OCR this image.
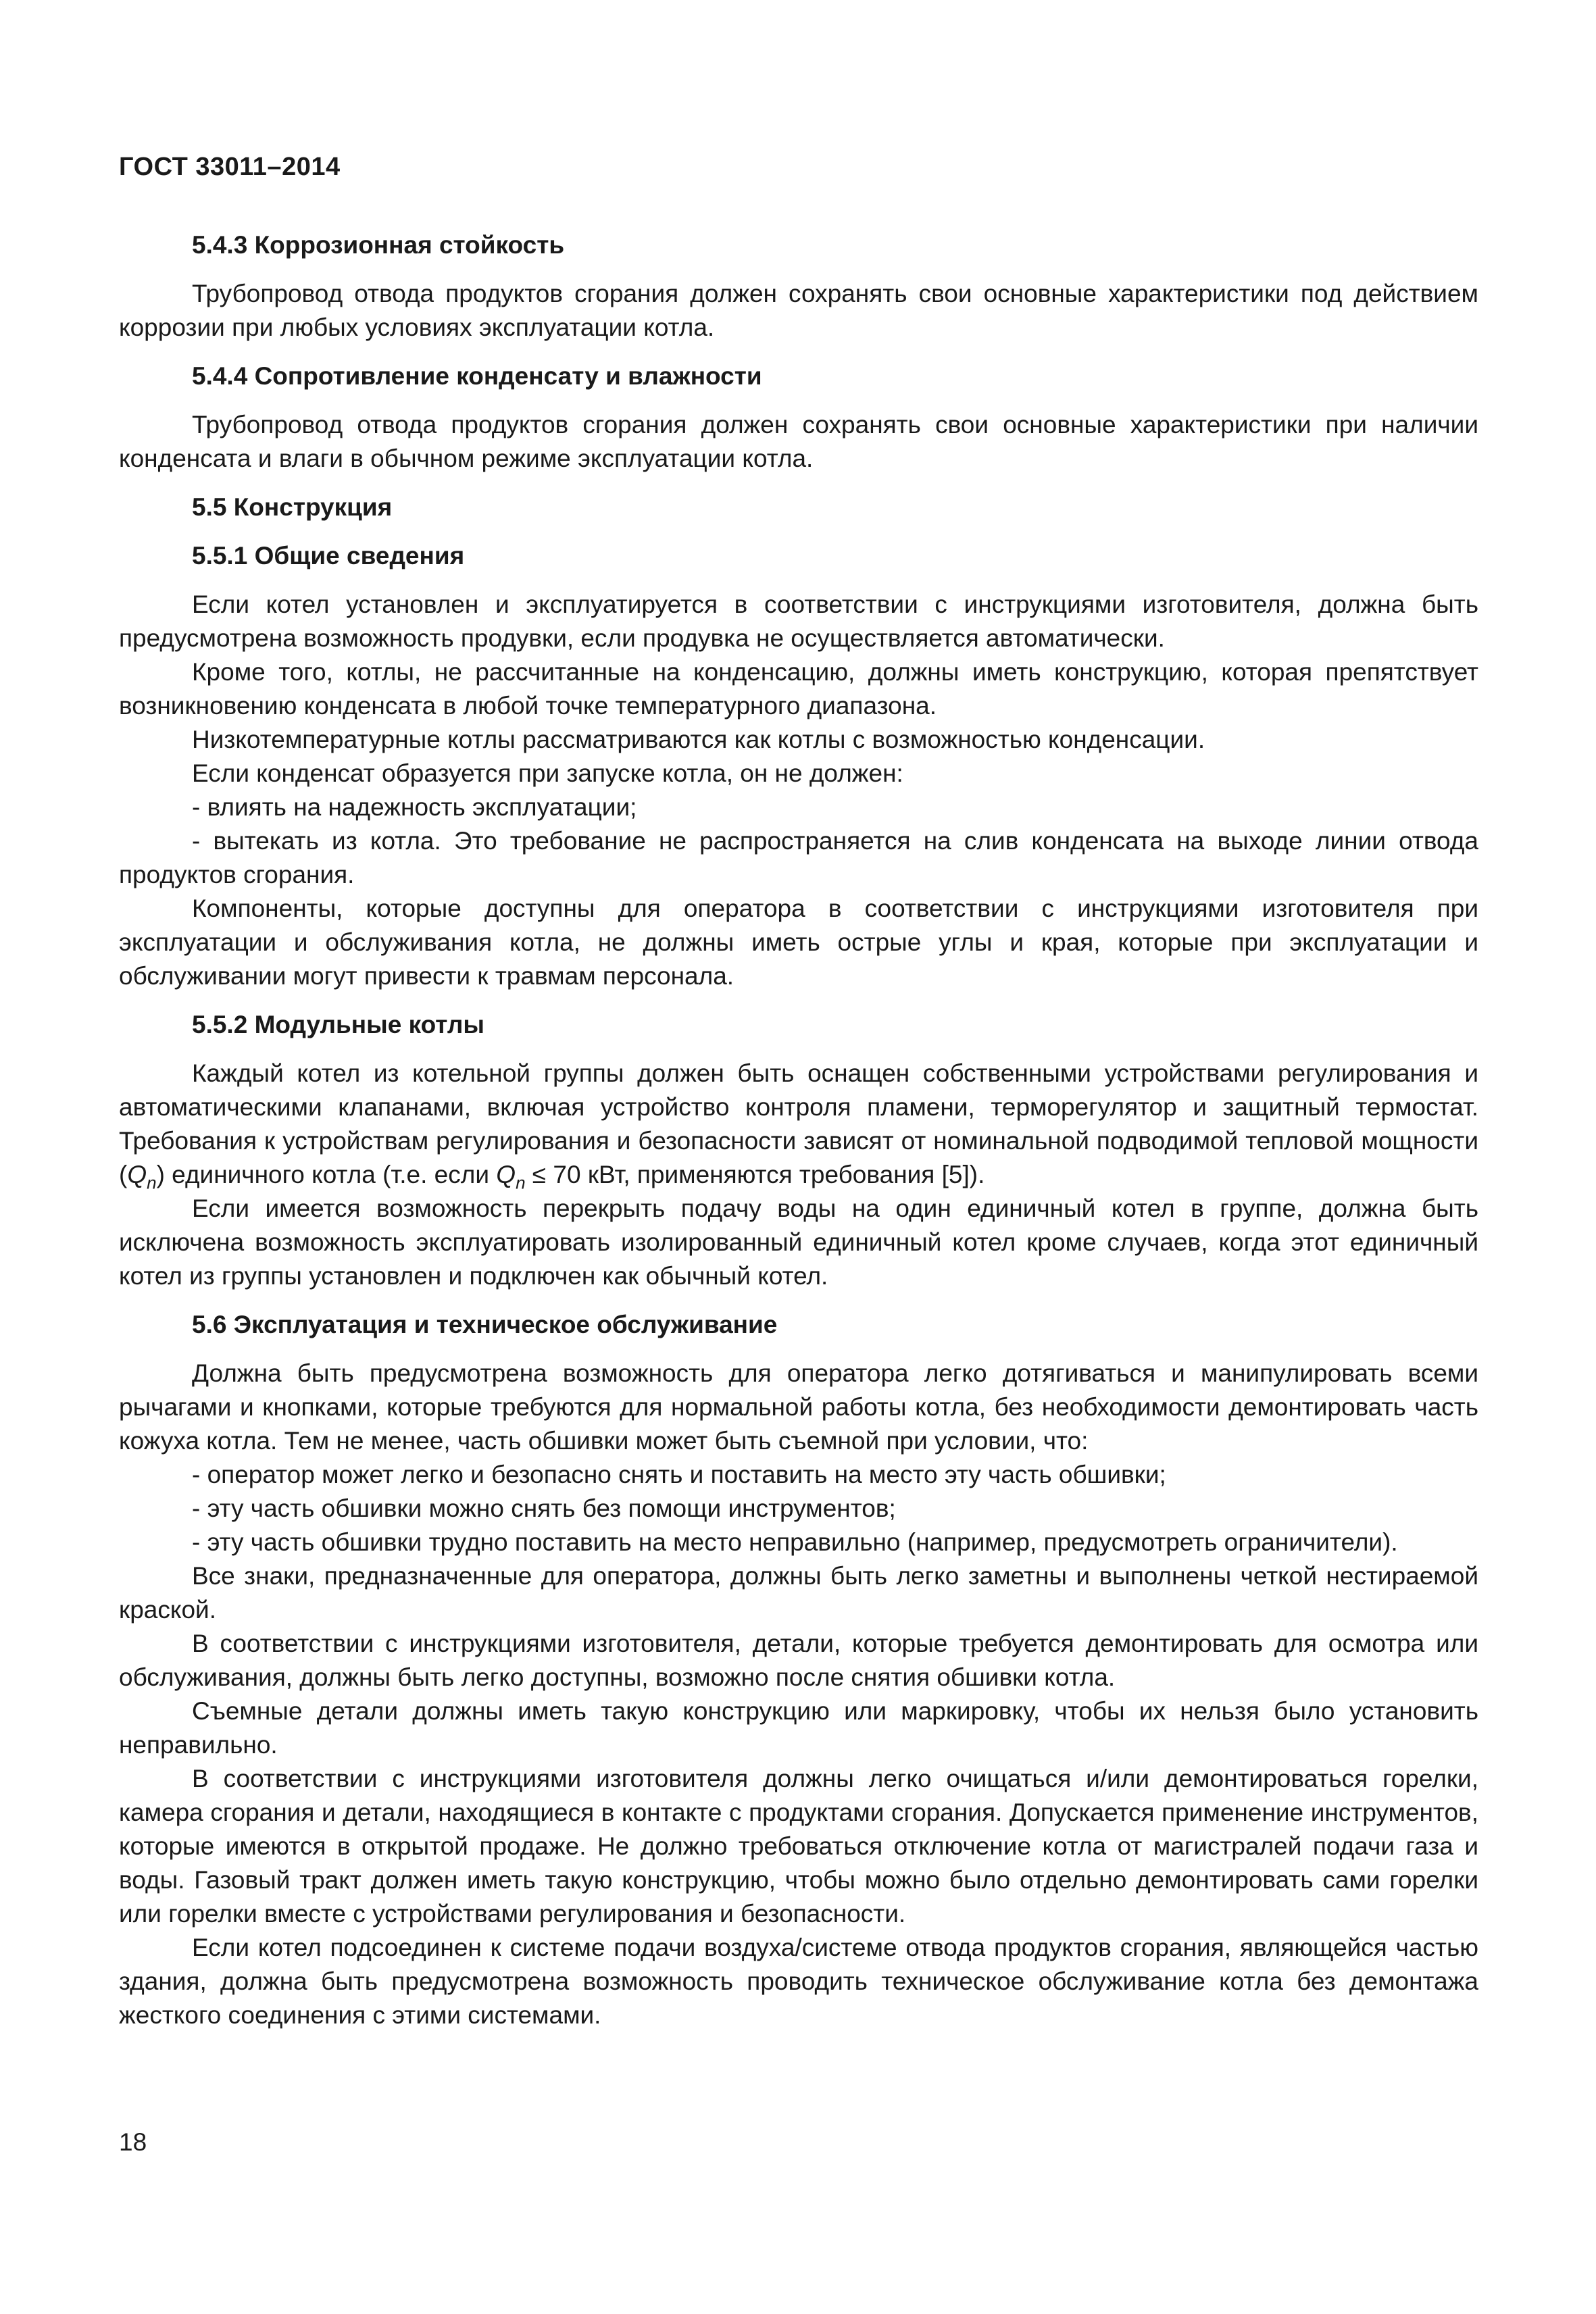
ГОСТ 33011–2014
5.4.3 Коррозионная стойкость

Трубопровод отвода продуктов сгорания должен сохранять свои основные характеристики под действием коррозии при любых условиях эксплуатации котла.

5.4.4 Сопротивление конденсату и влажности

Трубопровод отвода продуктов сгорания должен сохранять свои основные характеристики при наличии конденсата и влаги в обычном режиме эксплуатации котла.

5.5 Конструкция
5.5.1 Общие сведения

Если котел установлен и эксплуатируется в соответствии с инструкциями изготовителя, должна быть предусмотрена возможность продувки, если продувка не осуществляется автоматически.

Кроме того, котлы, не рассчитанные на конденсацию, должны иметь конструкцию, которая препятствует возникновению конденсата в любой точке температурного диапазона.

Низкотемпературные котлы рассматриваются как котлы с возможностью конденсации.

Если конденсат образуется при запуске котла, он не должен:

- влиять на надежность эксплуатации;

- вытекать из котла. Это требование не распространяется на слив конденсата на выходе линии отвода продуктов сгорания.

Компоненты, которые доступны для оператора в соответствии с инструкциями изготовителя при эксплуатации и обслуживания котла, не должны иметь острые углы и края, которые при эксплуатации и обслуживании могут привести к травмам персонала.

5.5.2 Модульные котлы

Каждый котел из котельной группы должен быть оснащен собственными устройствами регулирования и автоматическими клапанами, включая устройство контроля пламени, терморегулятор и защитный термостат. Требования к устройствам регулирования и безопасности зависят от номинальной подводимой тепловой мощности $(Q_n)$ единичного котла (т.е. если $Q_n \le 70$ кВт, применяются требования [5]).

Если имеется возможность перекрыть подачу воды на один единичный котел в группе, должна быть исключена возможность эксплуатировать изолированный единичный котел кроме случаев, когда этот единичный котел из группы установлен и подключен как обычный котел.

5.6 Эксплуатация и техническое обслуживание

Должна быть предусмотрена возможность для оператора легко дотягиваться и манипулировать всеми рычагами и кнопками, которые требуются для нормальной работы котла, без необходимости демонтировать часть кожуха котла. Тем не менее, часть обшивки может быть съемной при условии, что:

- оператор может легко и безопасно снять и поставить на место эту часть обшивки;

- эту часть обшивки можно снять без помощи инструментов;

- эту часть обшивки трудно поставить на место неправильно (например, предусмотреть ограничители).

Все знаки, предназначенные для оператора, должны быть легко заметны и выполнены четкой нестираемой краской.

В соответствии с инструкциями изготовителя, детали, которые требуется демонтировать для осмотра или обслуживания, должны быть легко доступны, возможно после снятия обшивки котла.

Съемные детали должны иметь такую конструкцию или маркировку, чтобы их нельзя было установить неправильно.

В соответствии с инструкциями изготовителя должны легко очищаться и/или демонтироваться горелки, камера сгорания и детали, находящиеся в контакте с продуктами сгорания. Допускается применение инструментов, которые имеются в открытой продаже. Не должно требоваться отключение котла от магистралей подачи газа и воды. Газовый тракт должен иметь такую конструкцию, чтобы можно было отдельно демонтировать сами горелки или горелки вместе с устройствами регулирования и безопасности.

Если котел подсоединен к системе подачи воздуха/системе отвода продуктов сгорания, являющейся частью здания, должна быть предусмотрена возможность проводить техническое обслуживание котла без демонтажа жесткого соединения с этими системами.

18
